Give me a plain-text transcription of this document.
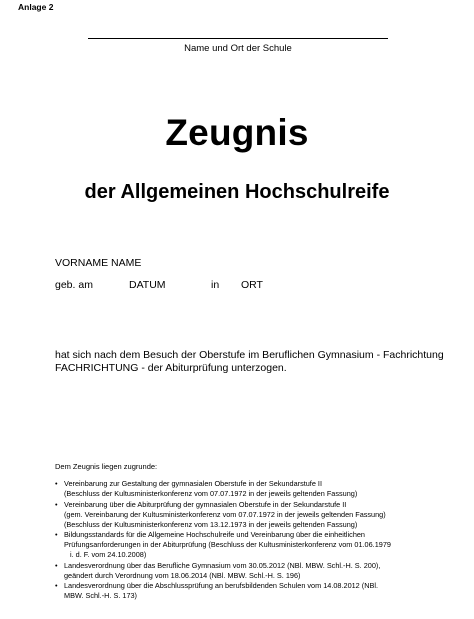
Anlage 2
Name und Ort der Schule
Zeugnis
der Allgemeinen Hochschulreife
VORNAME NAME
geb. am	DATUM	in ORT
hat sich nach dem Besuch der Oberstufe im Beruflichen Gymnasium - Fachrichtung
FACHRICHTUNG - der Abiturprüfung unterzogen.
Dem Zeugnis liegen zugrunde:
• Vereinbarung zur Gestaltung der gymnasialen Oberstufe in der Sekundarstufe II
(Beschluss der Kultusministerkonferenz vom 07.07.1972 in der jeweils geltenden Fassung)
• Vereinbarung über die Abiturprüfung der gymnasialen Oberstufe in der Sekundarstufe II
(gem. Vereinbarung der Kultusministerkonferenz vom 07.07.1972 in der jeweils geltenden Fassung)
(Beschluss der Kultusministerkonferenz vom 13.12.1973 in der jeweils geltenden Fassung)
• Bildungsstandards für die Allgemeine Hochschulreife und Vereinbarung über die einheitlichen
Prüfungsanforderungen in der Abiturprüfung (Beschluss der Kultusministerkonferenz vom 01.06.1979
i. d. F. vom 24.10.2008)
• Landesverordnung über das Berufliche Gymnasium vom 30.05.2012 (NBl. MBW. Schl.-H. S. 200),
geändert durch Verordnung vom 18.06.2014 (NBl. MBW. Schl.-H. S. 196)
• Landesverordnung über die Abschlussprüfung an berufsbildenden Schulen vom 14.08.2012 (NBl.
MBW. Schl.-H. S. 173)
